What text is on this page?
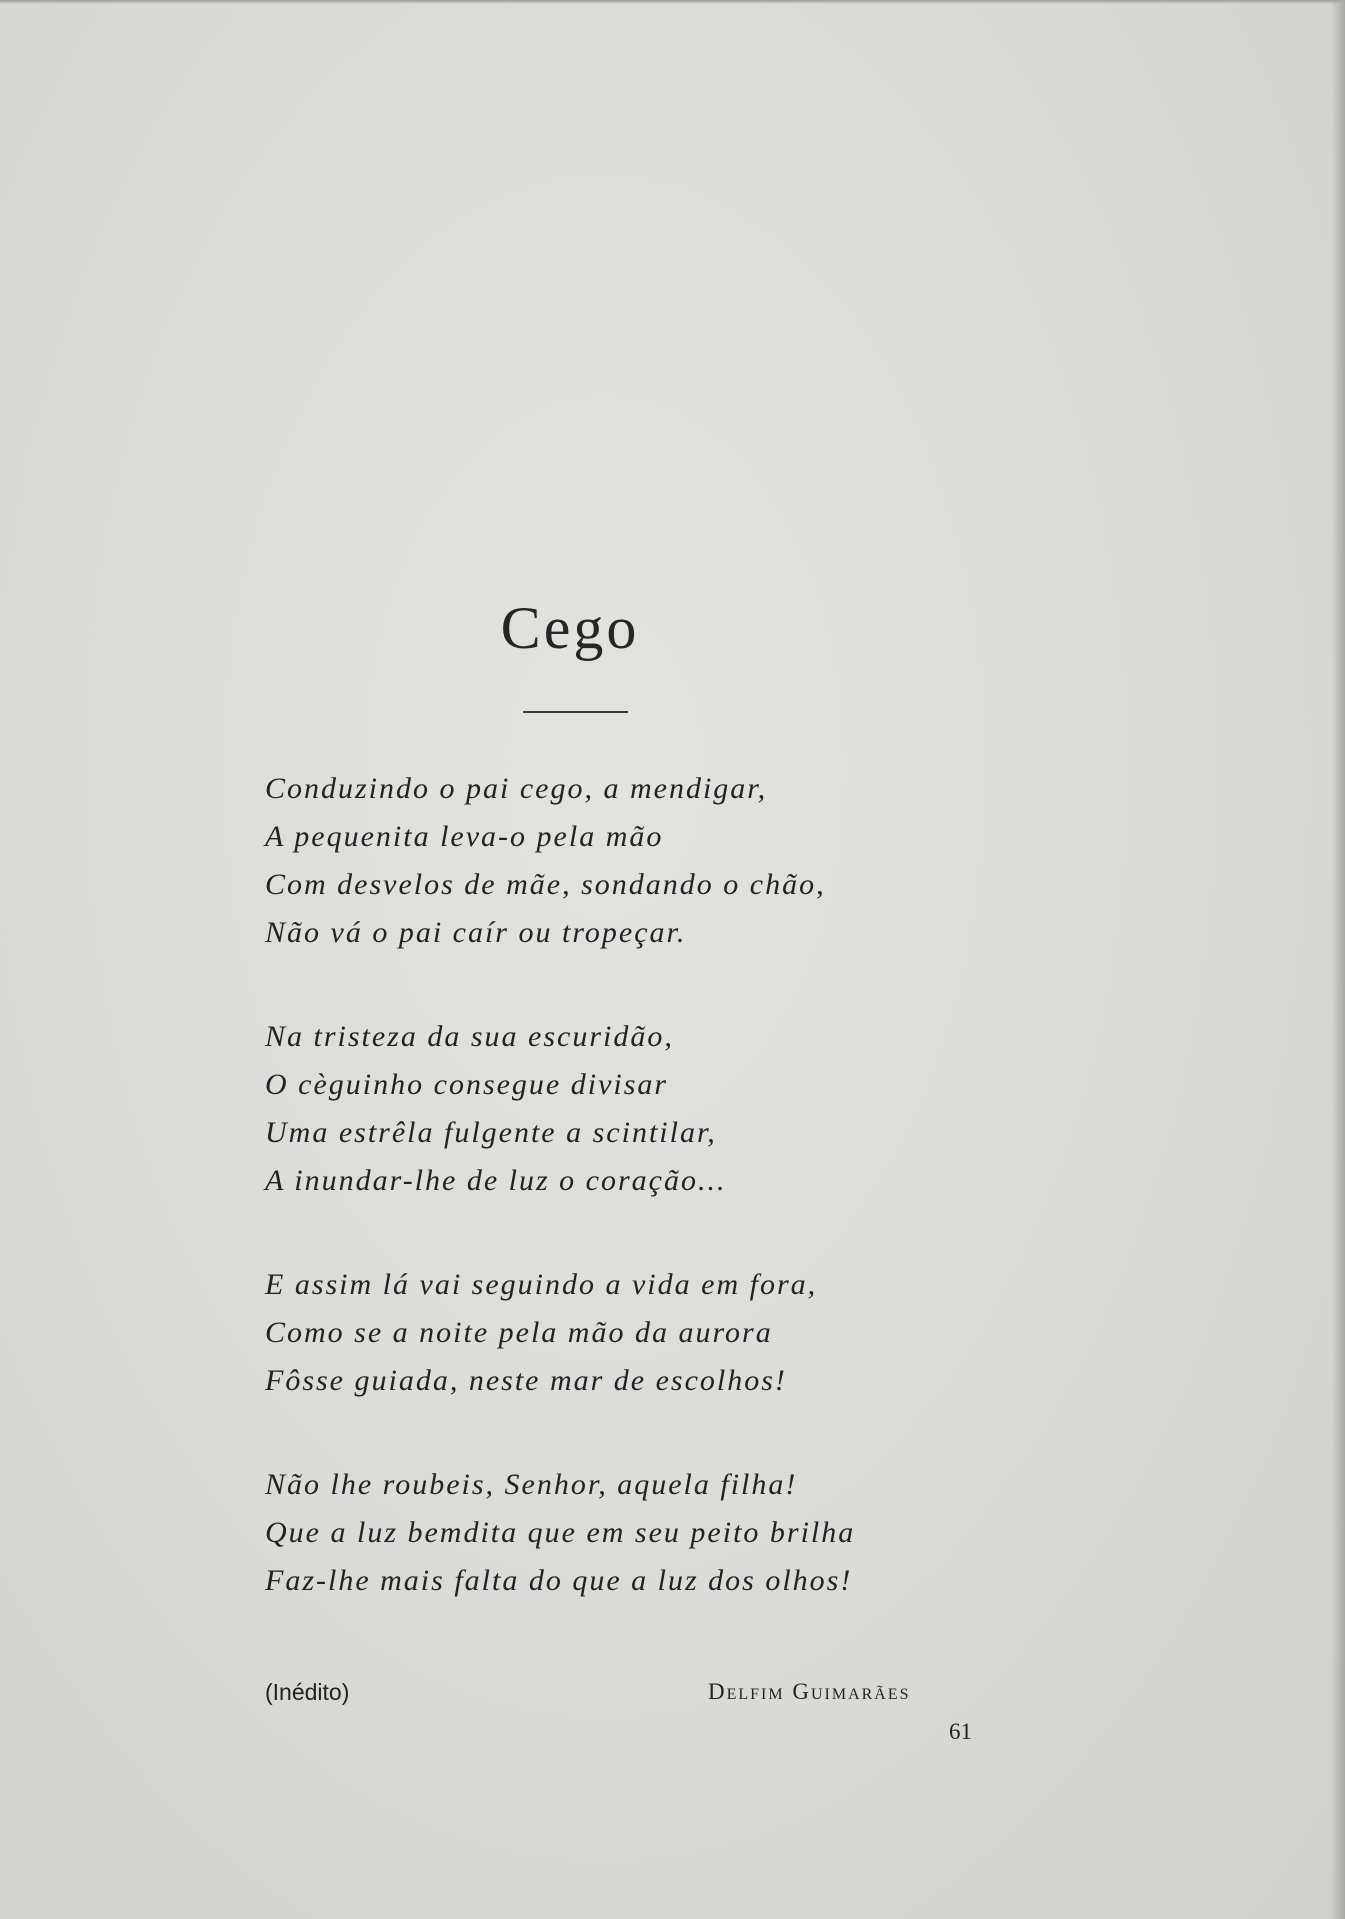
Cego
Conduzindo o pai cego, a mendigar,
A pequenita leva-o pela mão
Com desvelos de mãe, sondando o chão,
Não vá o pai caír ou tropeçar.
Na tristeza da sua escuridão,
O cèguinho consegue divisar
Uma estrêla fulgente a scintilar,
A inundar-lhe de luz o coração...
E assim lá vai seguindo a vida em fora,
Como se a noite pela mão da aurora
Fôsse guiada, neste mar de escolhos!
Não lhe roubeis, Senhor, aquela filha!
Que a luz bemdita que em seu peito brilha
Faz-lhe mais falta do que a luz dos olhos!
(Inédito)	Delfim Guimarães
61
